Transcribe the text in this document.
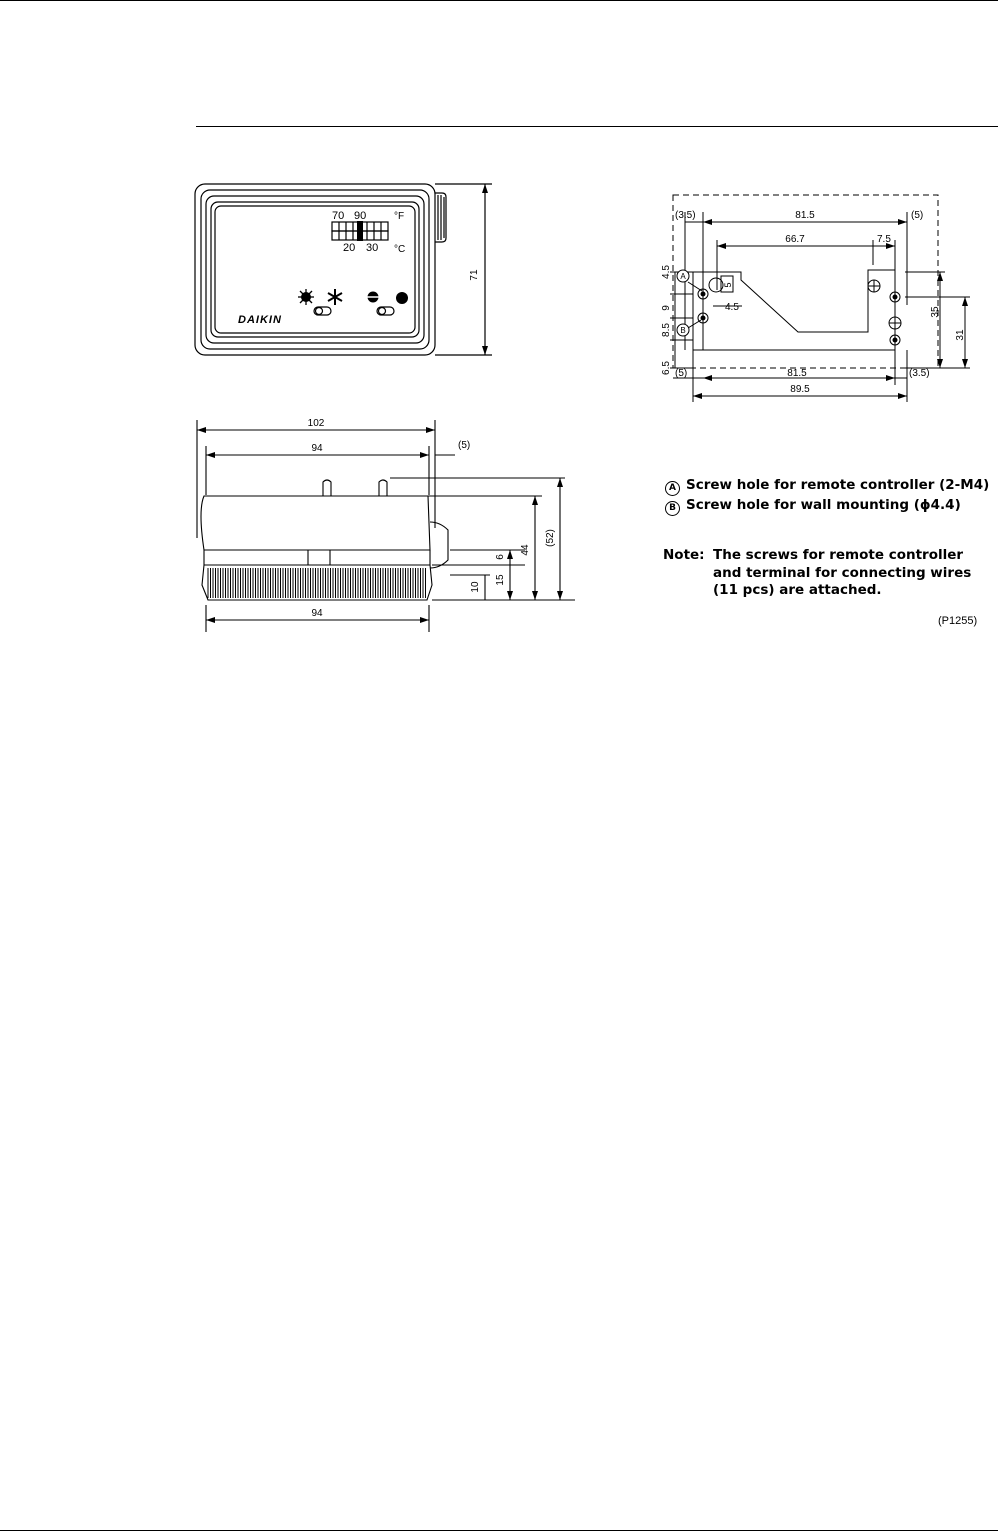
70 90	°F
20 30 °C
DAIKIN
71
102
94	(5)
44
(52)
6
15
10
94
(3.5)	81.5	(5)
66.7	7.5
4.5
9
8.5
6.5
5
4.5	35
31
(5)	81.5	(3.5)
89.5
A
B
A Screw hole for remote controller (2-M4)
B Screw hole for wall mounting (ϕ4.4)
Note: The screws for remote controller
and terminal for connecting wires
(11 pcs) are attached.
(P1255)
